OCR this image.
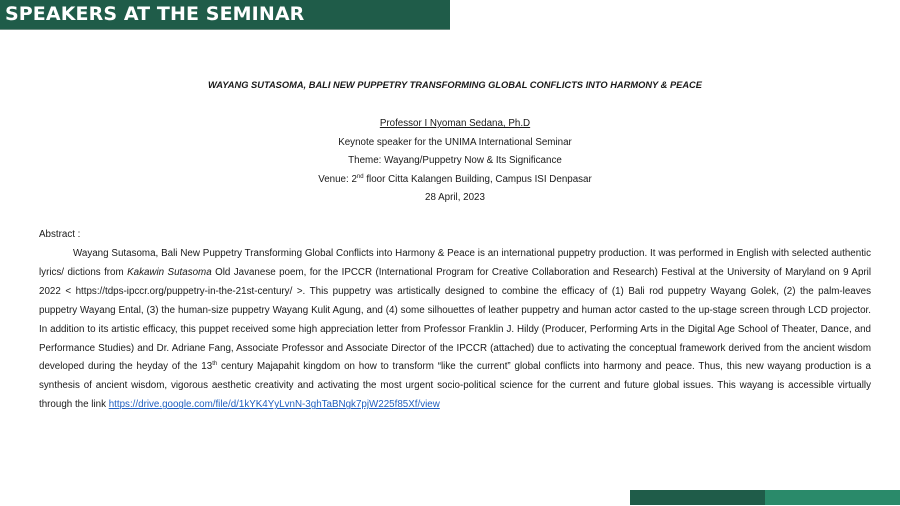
SPEAKERS AT THE SEMINAR
WAYANG SUTASOMA, BALI NEW PUPPETRY TRANSFORMING GLOBAL CONFLICTS INTO HARMONY & PEACE
Professor I Nyoman Sedana, Ph.D
Keynote speaker for the UNIMA International Seminar
Theme: Wayang/Puppetry Now & Its Significance
Venue: 2nd floor Citta Kalangen Building, Campus ISI Denpasar
28 April, 2023
Abstract :
Wayang Sutasoma, Bali New Puppetry Transforming Global Conflicts into Harmony & Peace is an international puppetry production. It was performed in English with selected authentic lyrics/ dictions from Kakawin Sutasoma Old Javanese poem, for the IPCCR (International Program for Creative Collaboration and Research) Festival at the University of Maryland on 9 April 2022 < https://tdps-ipccr.org/puppetry-in-the-21st-century/ >. This puppetry was artistically designed to combine the efficacy of (1) Bali rod puppetry Wayang Golek, (2) the palm-leaves puppetry Wayang Ental, (3) the human-size puppetry Wayang Kulit Agung, and (4) some silhouettes of leather puppetry and human actor casted to the up-stage screen through LCD projector. In addition to its artistic efficacy, this puppet received some high appreciation letter from Professor Franklin J. Hildy (Producer, Performing Arts in the Digital Age School of Theater, Dance, and Performance Studies) and Dr. Adriane Fang, Associate Professor and Associate Director of the IPCCR (attached) due to activating the conceptual framework derived from the ancient wisdom developed during the heyday of the 13th century Majapahit kingdom on how to transform “like the current” global conflicts into harmony and peace. Thus, this new wayang production is a synthesis of ancient wisdom, vigorous aesthetic creativity and activating the most urgent socio-political science for the current and future global issues. This wayang is accessible virtually through the link https://drive.google.com/file/d/1kYK4YyLvnN-3ghTaBNgk7pjW225f85Xf/view
